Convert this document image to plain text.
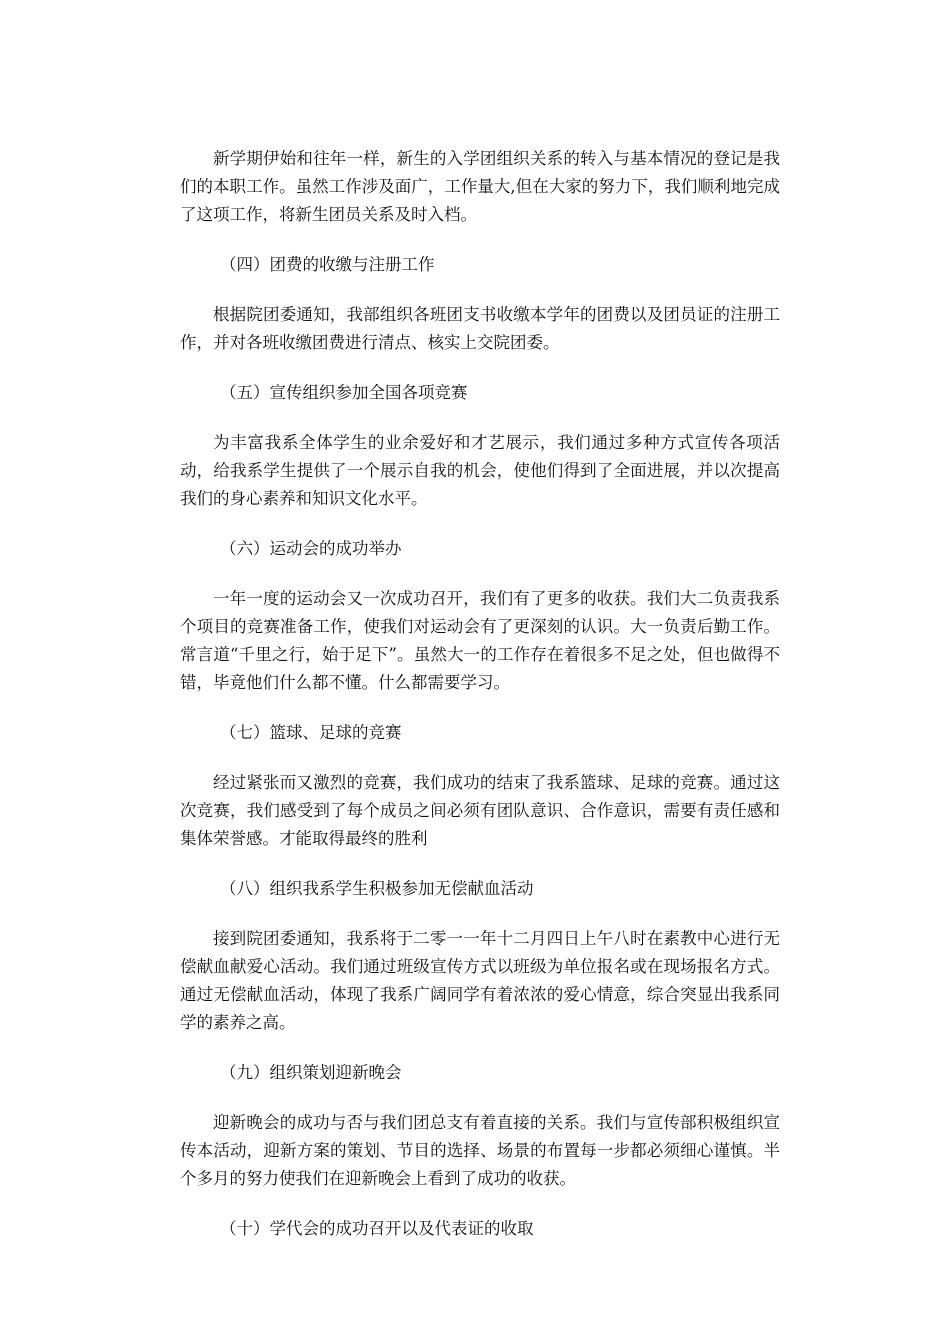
新学期伊始和往年一样，新生的入学团组织关系的转入与基本情况的登记是我们的本职工作。虽然工作涉及面广，工作量大,但在大家的努力下，我们顺利地完成了这项工作，将新生团员关系及时入档。

（四）团费的收缴与注册工作

根据院团委通知，我部组织各班团支书收缴本学年的团费以及团员证的注册工作，并对各班收缴团费进行清点、核实上交院团委。

（五）宣传组织参加全国各项竞赛

为丰富我系全体学生的业余爱好和才艺展示，我们通过多种方式宣传各项活动，给我系学生提供了一个展示自我的机会，使他们得到了全面进展，并以次提高我们的身心素养和知识文化水平。

（六）运动会的成功举办

一年一度的运动会又一次成功召开，我们有了更多的收获。我们大二负责我系个项目的竞赛准备工作，使我们对运动会有了更深刻的认识。大一负责后勤工作。常言道“千里之行，始于足下”。虽然大一的工作存在着很多不足之处，但也做得不错，毕竟他们什么都不懂。什么都需要学习。

（七）篮球、足球的竞赛

经过紧张而又激烈的竞赛，我们成功的结束了我系篮球、足球的竞赛。通过这次竞赛，我们感受到了每个成员之间必须有团队意识、合作意识，需要有责任感和集体荣誉感。才能取得最终的胜利

（八）组织我系学生积极参加无偿献血活动

接到院团委通知，我系将于二零一一年十二月四日上午八时在素教中心进行无偿献血献爱心活动。我们通过班级宣传方式以班级为单位报名或在现场报名方式。通过无偿献血活动，体现了我系广阔同学有着浓浓的爱心情意，综合突显出我系同学的素养之高。

（九）组织策划迎新晚会

迎新晚会的成功与否与我们团总支有着直接的关系。我们与宣传部积极组织宣传本活动，迎新方案的策划、节目的选择、场景的布置每一步都必须细心谨慎。半个多月的努力使我们在迎新晚会上看到了成功的收获。

（十）学代会的成功召开以及代表证的收取
